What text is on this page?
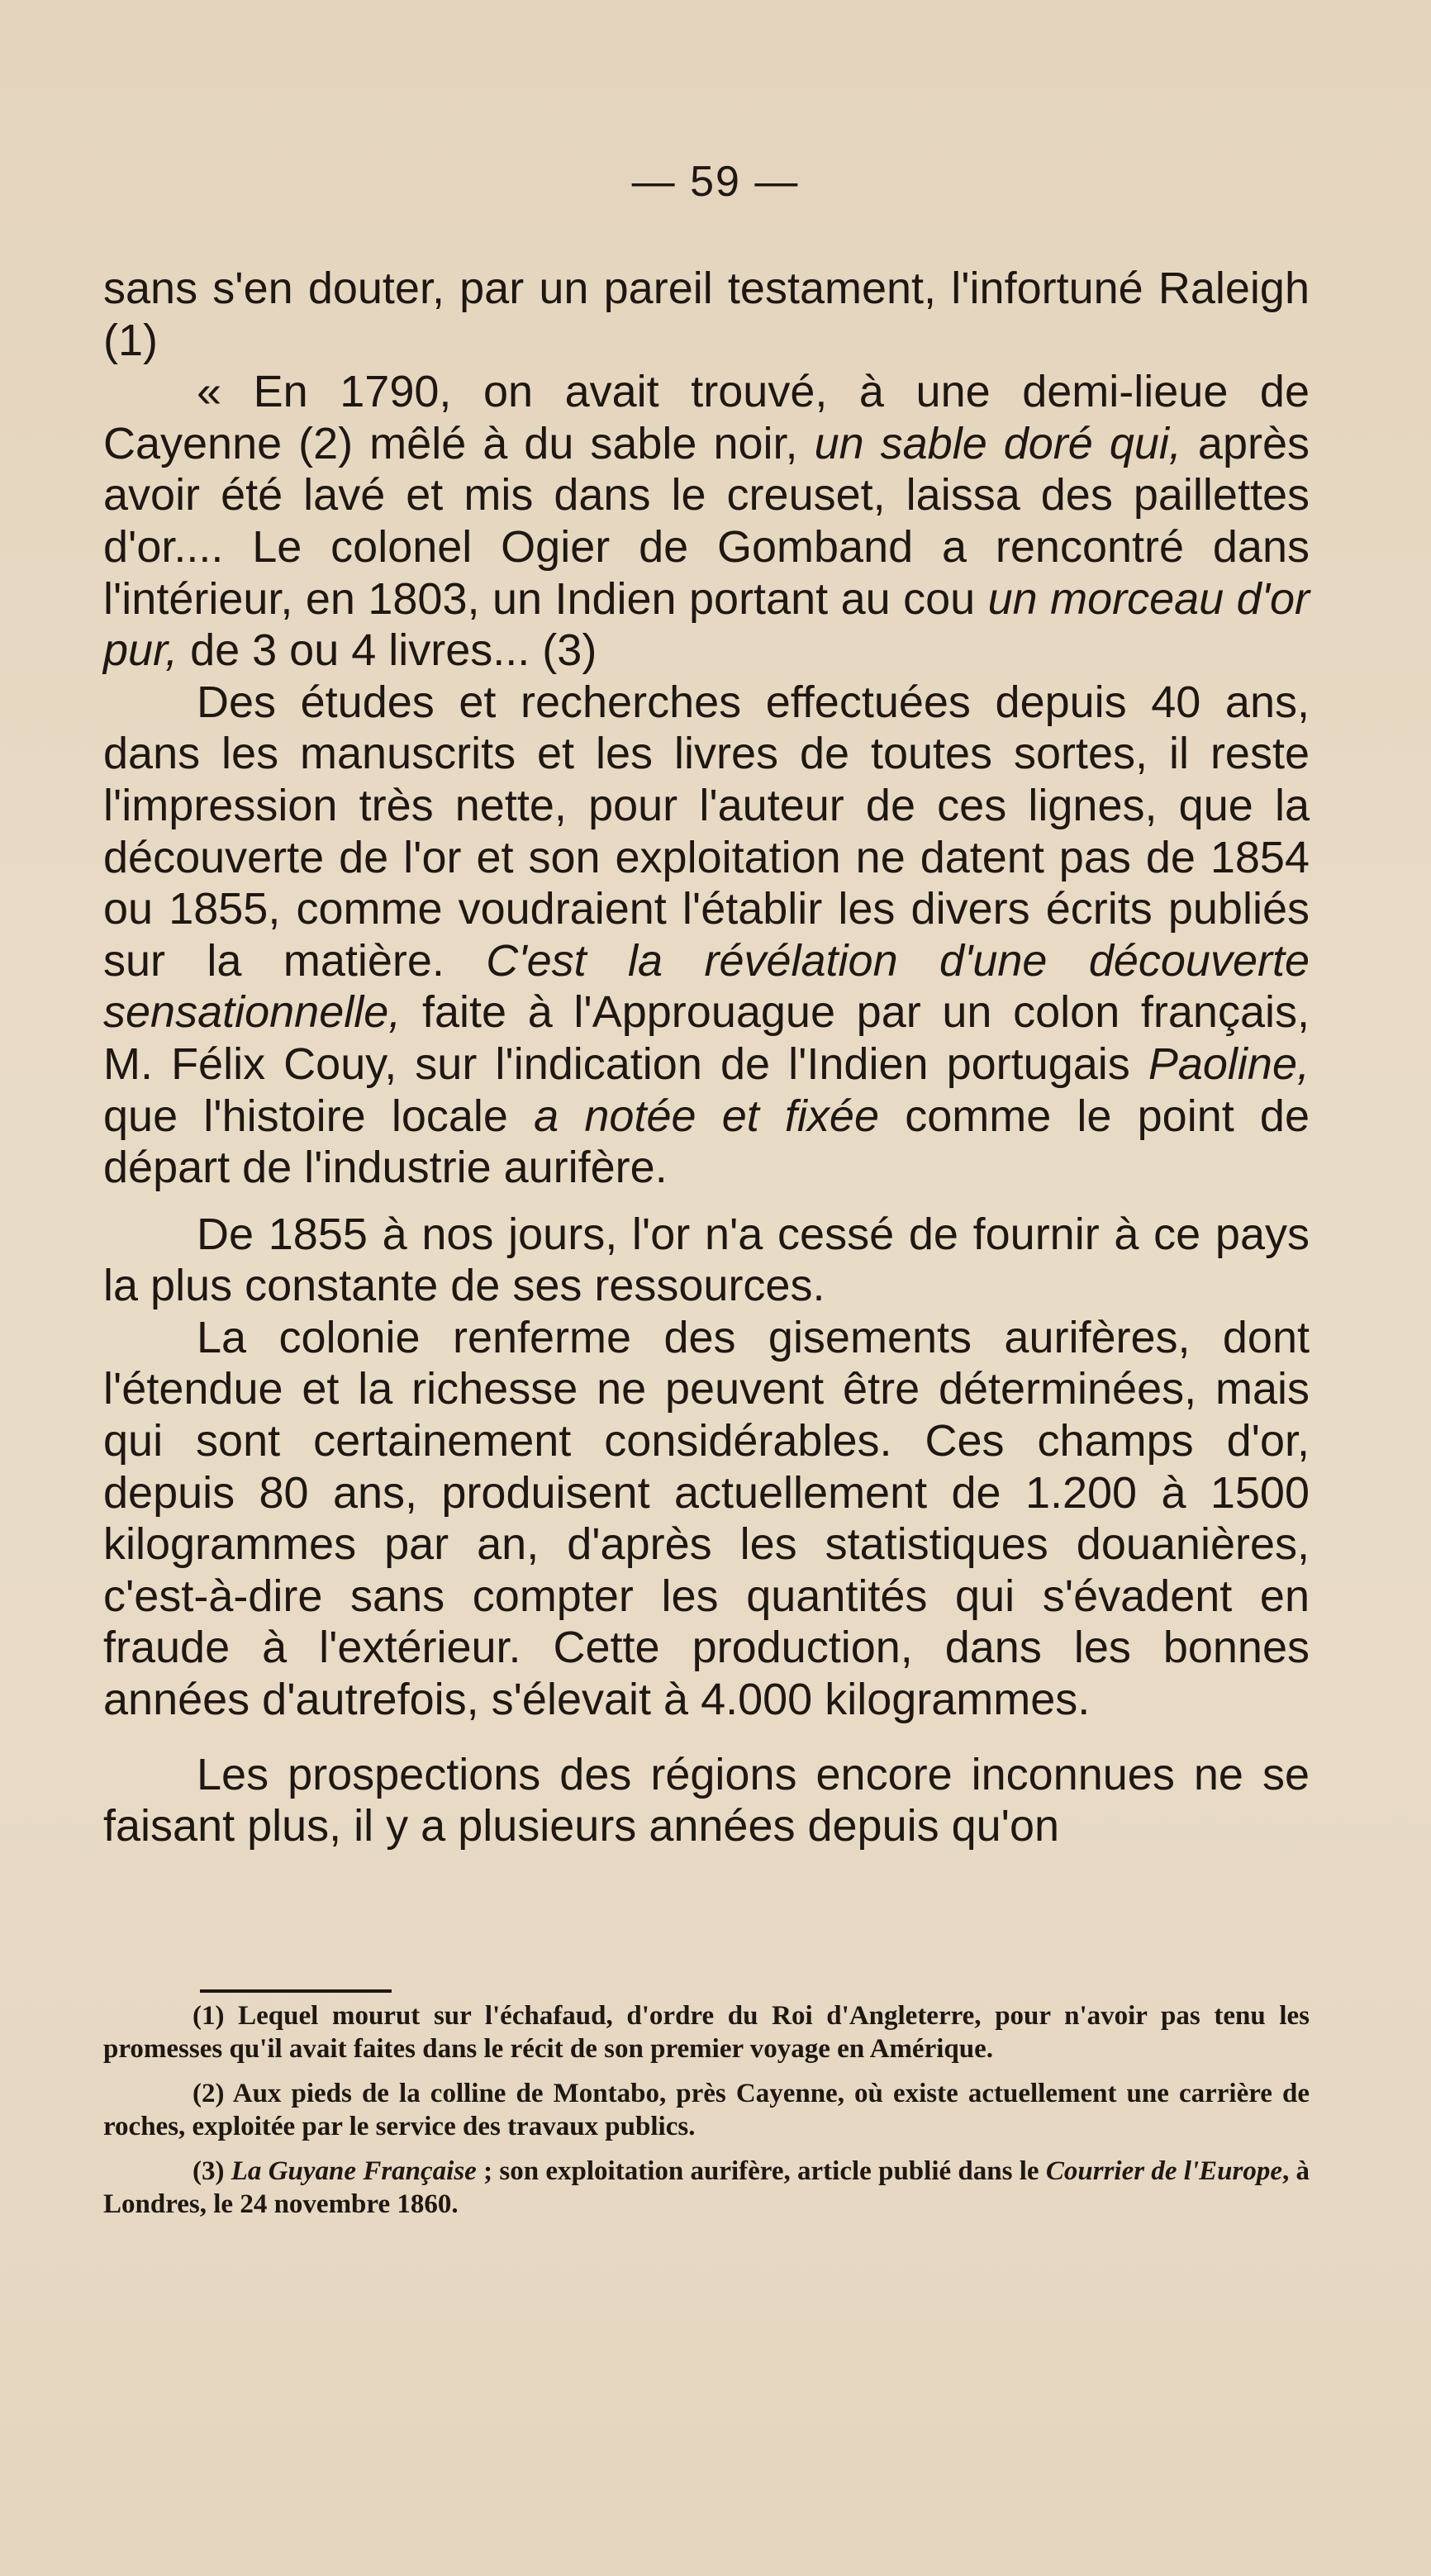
— 59 —

sans s'en douter, par un pareil testament, l'infortuné Raleigh (1)

« En 1790, on avait trouvé, à une demi-lieue de Cayenne (2) mêlé à du sable noir, un sable doré qui, après avoir été lavé et mis dans le creuset, laissa des paillettes d'or.... Le colonel Ogier de Gomband a rencontré dans l'intérieur, en 1803, un Indien portant au cou un morceau d'or pur, de 3 ou 4 livres... (3)

Des études et recherches effectuées depuis 40 ans, dans les manuscrits et les livres de toutes sortes, il reste l'impression très nette, pour l'auteur de ces lignes, que la découverte de l'or et son exploitation ne datent pas de 1854 ou 1855, comme voudraient l'établir les divers écrits publiés sur la matière. C'est la révélation d'une découverte sensationnelle, faite à l'Approuague par un colon français, M. Félix Couy, sur l'indication de l'Indien portugais Paoline, que l'histoire locale a notée et fixée comme le point de départ de l'industrie aurifère.

De 1855 à nos jours, l'or n'a cessé de fournir à ce pays la plus constante de ses ressources.

La colonie renferme des gisements aurifères, dont l'étendue et la richesse ne peuvent être déterminées, mais qui sont certainement considérables. Ces champs d'or, depuis 80 ans, produisent actuellement de 1.200 à 1500 kilogrammes par an, d'après les statistiques douanières, c'est-à-dire sans compter les quantités qui s'évadent en fraude à l'extérieur. Cette production, dans les bonnes années d'autrefois, s'élevait à 4.000 kilogrammes.

Les prospections des régions encore inconnues ne se faisant plus, il y a plusieurs années depuis qu'on

(1) Lequel mourut sur l'échafaud, d'ordre du Roi d'Angleterre, pour n'avoir pas tenu les promesses qu'il avait faites dans le récit de son premier voyage en Amérique.

(2) Aux pieds de la colline de Montabo, près Cayenne, où existe actuellement une carrière de roches, exploitée par le service des travaux publics.

(3) La Guyane Française ; son exploitation aurifère, article publié dans le Courrier de l'Europe, à Londres, le 24 novembre 1860.
